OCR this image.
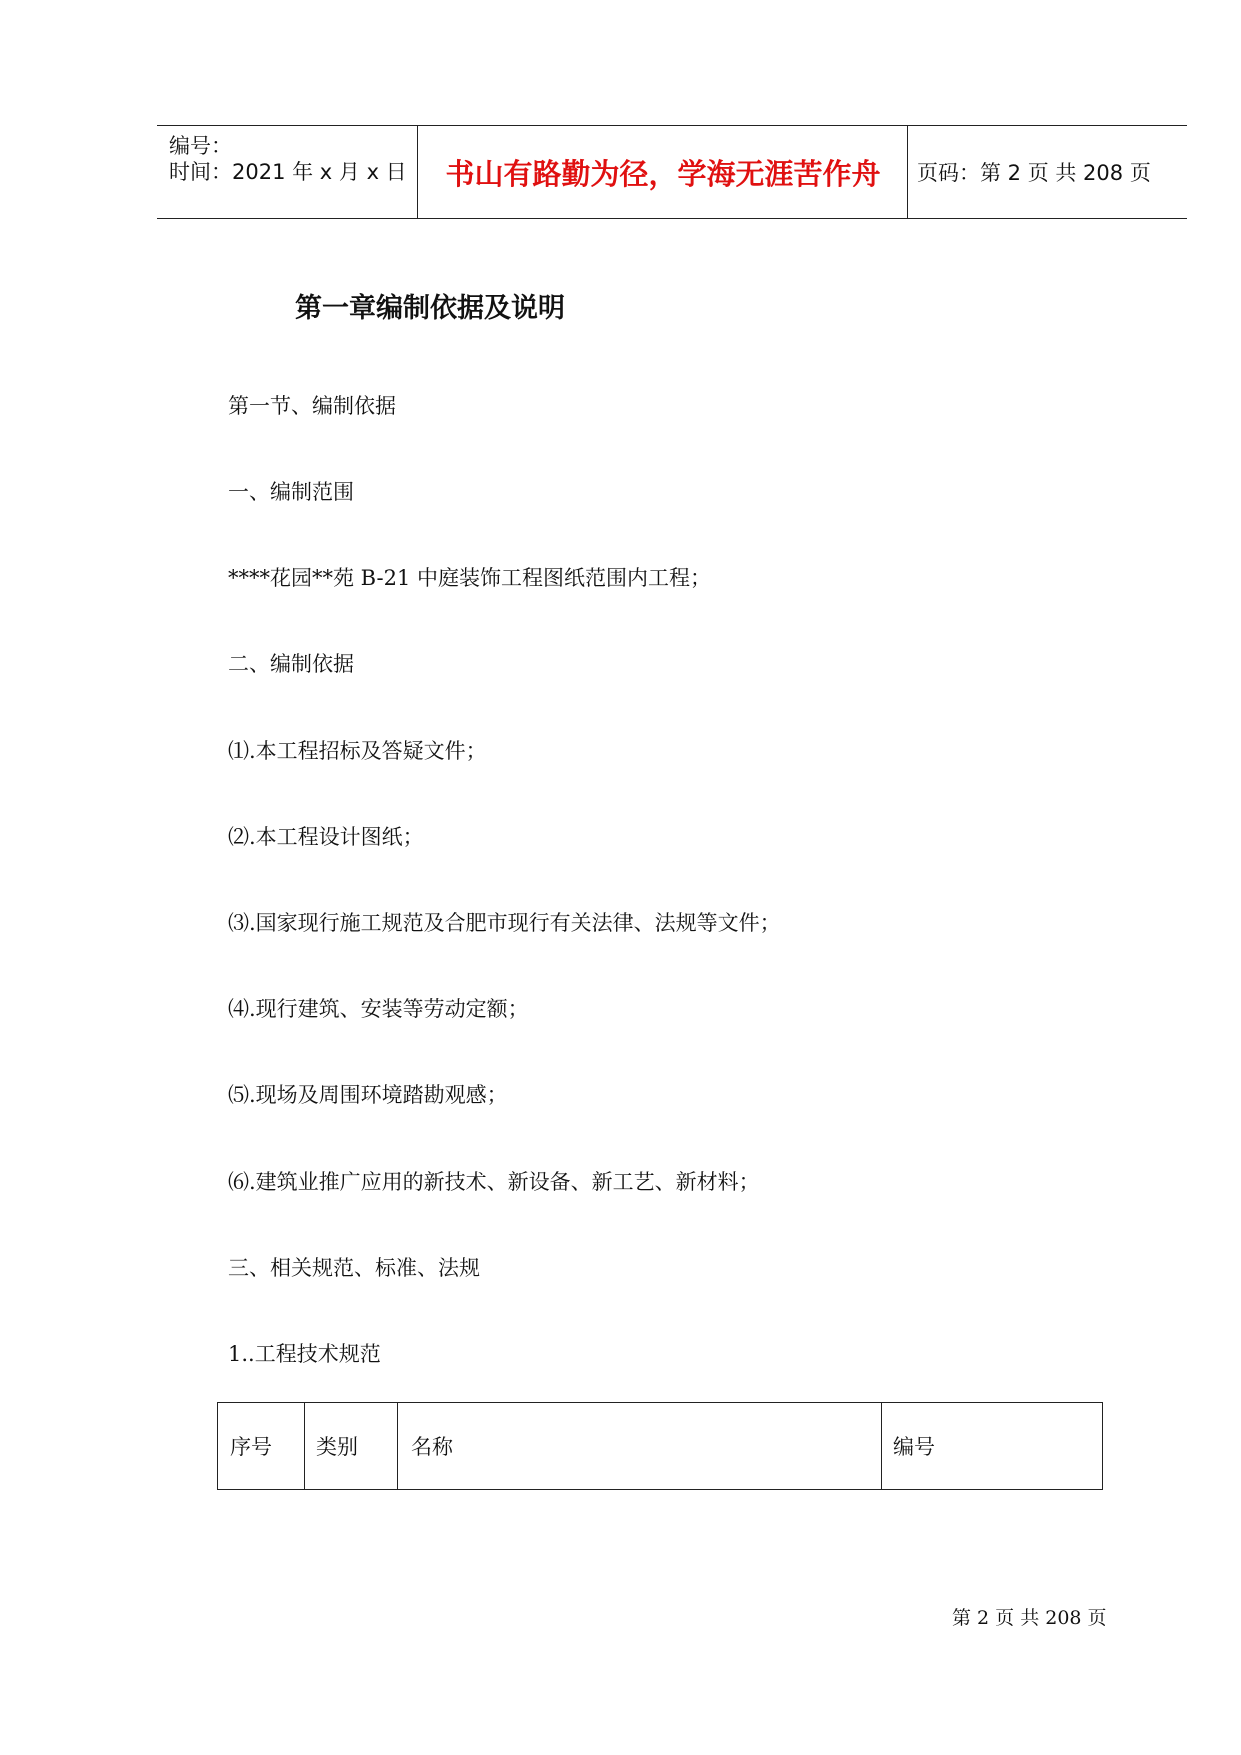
编号：
时间：2021 年 x 月 x 日	书山有路勤为径，学海无涯苦作舟	页码：第 2 页 共 208 页
第一章编制依据及说明
第一节、编制依据
一、编制范围
****花园**苑 B-21 中庭装饰工程图纸范围内工程；
二、编制依据
⑴.本工程招标及答疑文件；
⑵.本工程设计图纸；
⑶.国家现行施工规范及合肥市现行有关法律、法规等文件；
⑷.现行建筑、安装等劳动定额；
⑸.现场及周围环境踏勘观感；
⑹.建筑业推广应用的新技术、新设备、新工艺、新材料；
三、相关规范、标准、法规
1..工程技术规范
序号	类别	名称	编号
第 2 页 共 208 页
